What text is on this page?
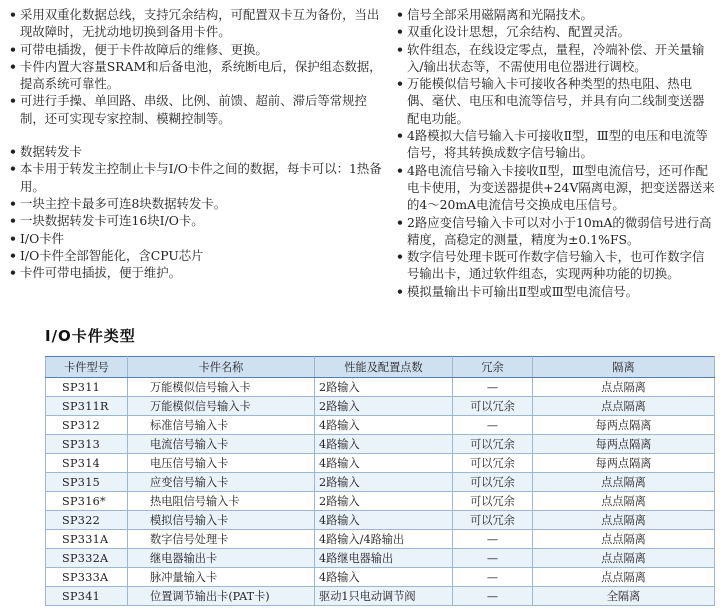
• 采用双重化数据总线，支持冗余结构，可配置双卡互为备份，当出现故障时，无扰动地切换到备用卡件。

• 可带电插拨，便于卡件故障后的维修、更换。

• 卡件内置大容量SRAM和后备电池，系统断电后，保护组态数据，提高系统可靠性。

• 可进行手操、单回路、串级、比例、前馈、超前、滞后等常规控制，还可实现专家控制、模糊控制等。

• 数据转发卡

• 本卡用于转发主控制止卡与I/O卡件之间的数据，每卡可以：1热备用。

• 一块主控卡最多可连8块数据转发卡。

• 一块数据转发卡可连16块I/O卡。

• I/O卡件

• I/O卡件全部智能化，含CPU芯片

• 卡件可带电插拔，便于维护。

• 信号全部采用磁隔离和光隔技术。

• 双重化设计思想，冗余结构、配置灵活。

• 软件组态，在线设定零点，量程，冷端补偿、开关量输入/输出状态等，不需使用电位器进行调校。

• 万能模似信号输入卡可接收各种类型的热电阻、热电偶、毫伏、电压和电流等信号，并具有向二线制变送器配电功能。

• 4路模拟大信号输入卡可接收Ⅱ型，Ⅲ型的电压和电流等信号，将其转换成数字信号输出。

• 4路电流信号输入卡接收Ⅱ型，Ⅲ型电流信号，还可作配电卡使用，为变送器提供+24V隔离电源，把变送器送来的4～20mA电流信号交换成电压信号。

• 2路应变信号输入卡可以对小于10mA的微弱信号进行高精度，高稳定的测量，精度为±0.1%FS。

• 数字信号处理卡既可作数字信号输入卡，也可作数字信号输出卡，通过软件组态，实现两种功能的切换。

• 模拟量输出卡可输出Ⅱ型或Ⅲ型电流信号。

I/O卡件类型
卡件型号	卡件名称	性能及配置点数	冗余	隔离
SP311	万能模似信号输入卡	2路输入	—	点点隔离
SP311R	万能模似信号输入卡	2路输入	可以冗余	点点隔离
SP312	标准信号输入卡	4路输入	—	每两点隔离
SP313	电流信号输入卡	4路输入	可以冗余	每两点隔离
SP314	电压信号输入卡	4路输入	可以冗余	每两点隔离
SP315	应变信号输入卡	2路输入	可以冗余	点点隔离
SP316*	热电阻信号输入卡	2路输入	可以冗余	点点隔离
SP322	模拟信号输入卡	4路输入	可以冗余	点点隔离
SP331A	数字信号处理卡	4路输入/4路输出	—	点点隔离
SP332A	继电器输出卡	4路继电器输出	—	点点隔离
SP333A	脉冲量输入卡	4路输入	—	点点隔离
SP341	位置调节输出卡(PAT卡)	驱动1只电动调节阀	—	全隔离
